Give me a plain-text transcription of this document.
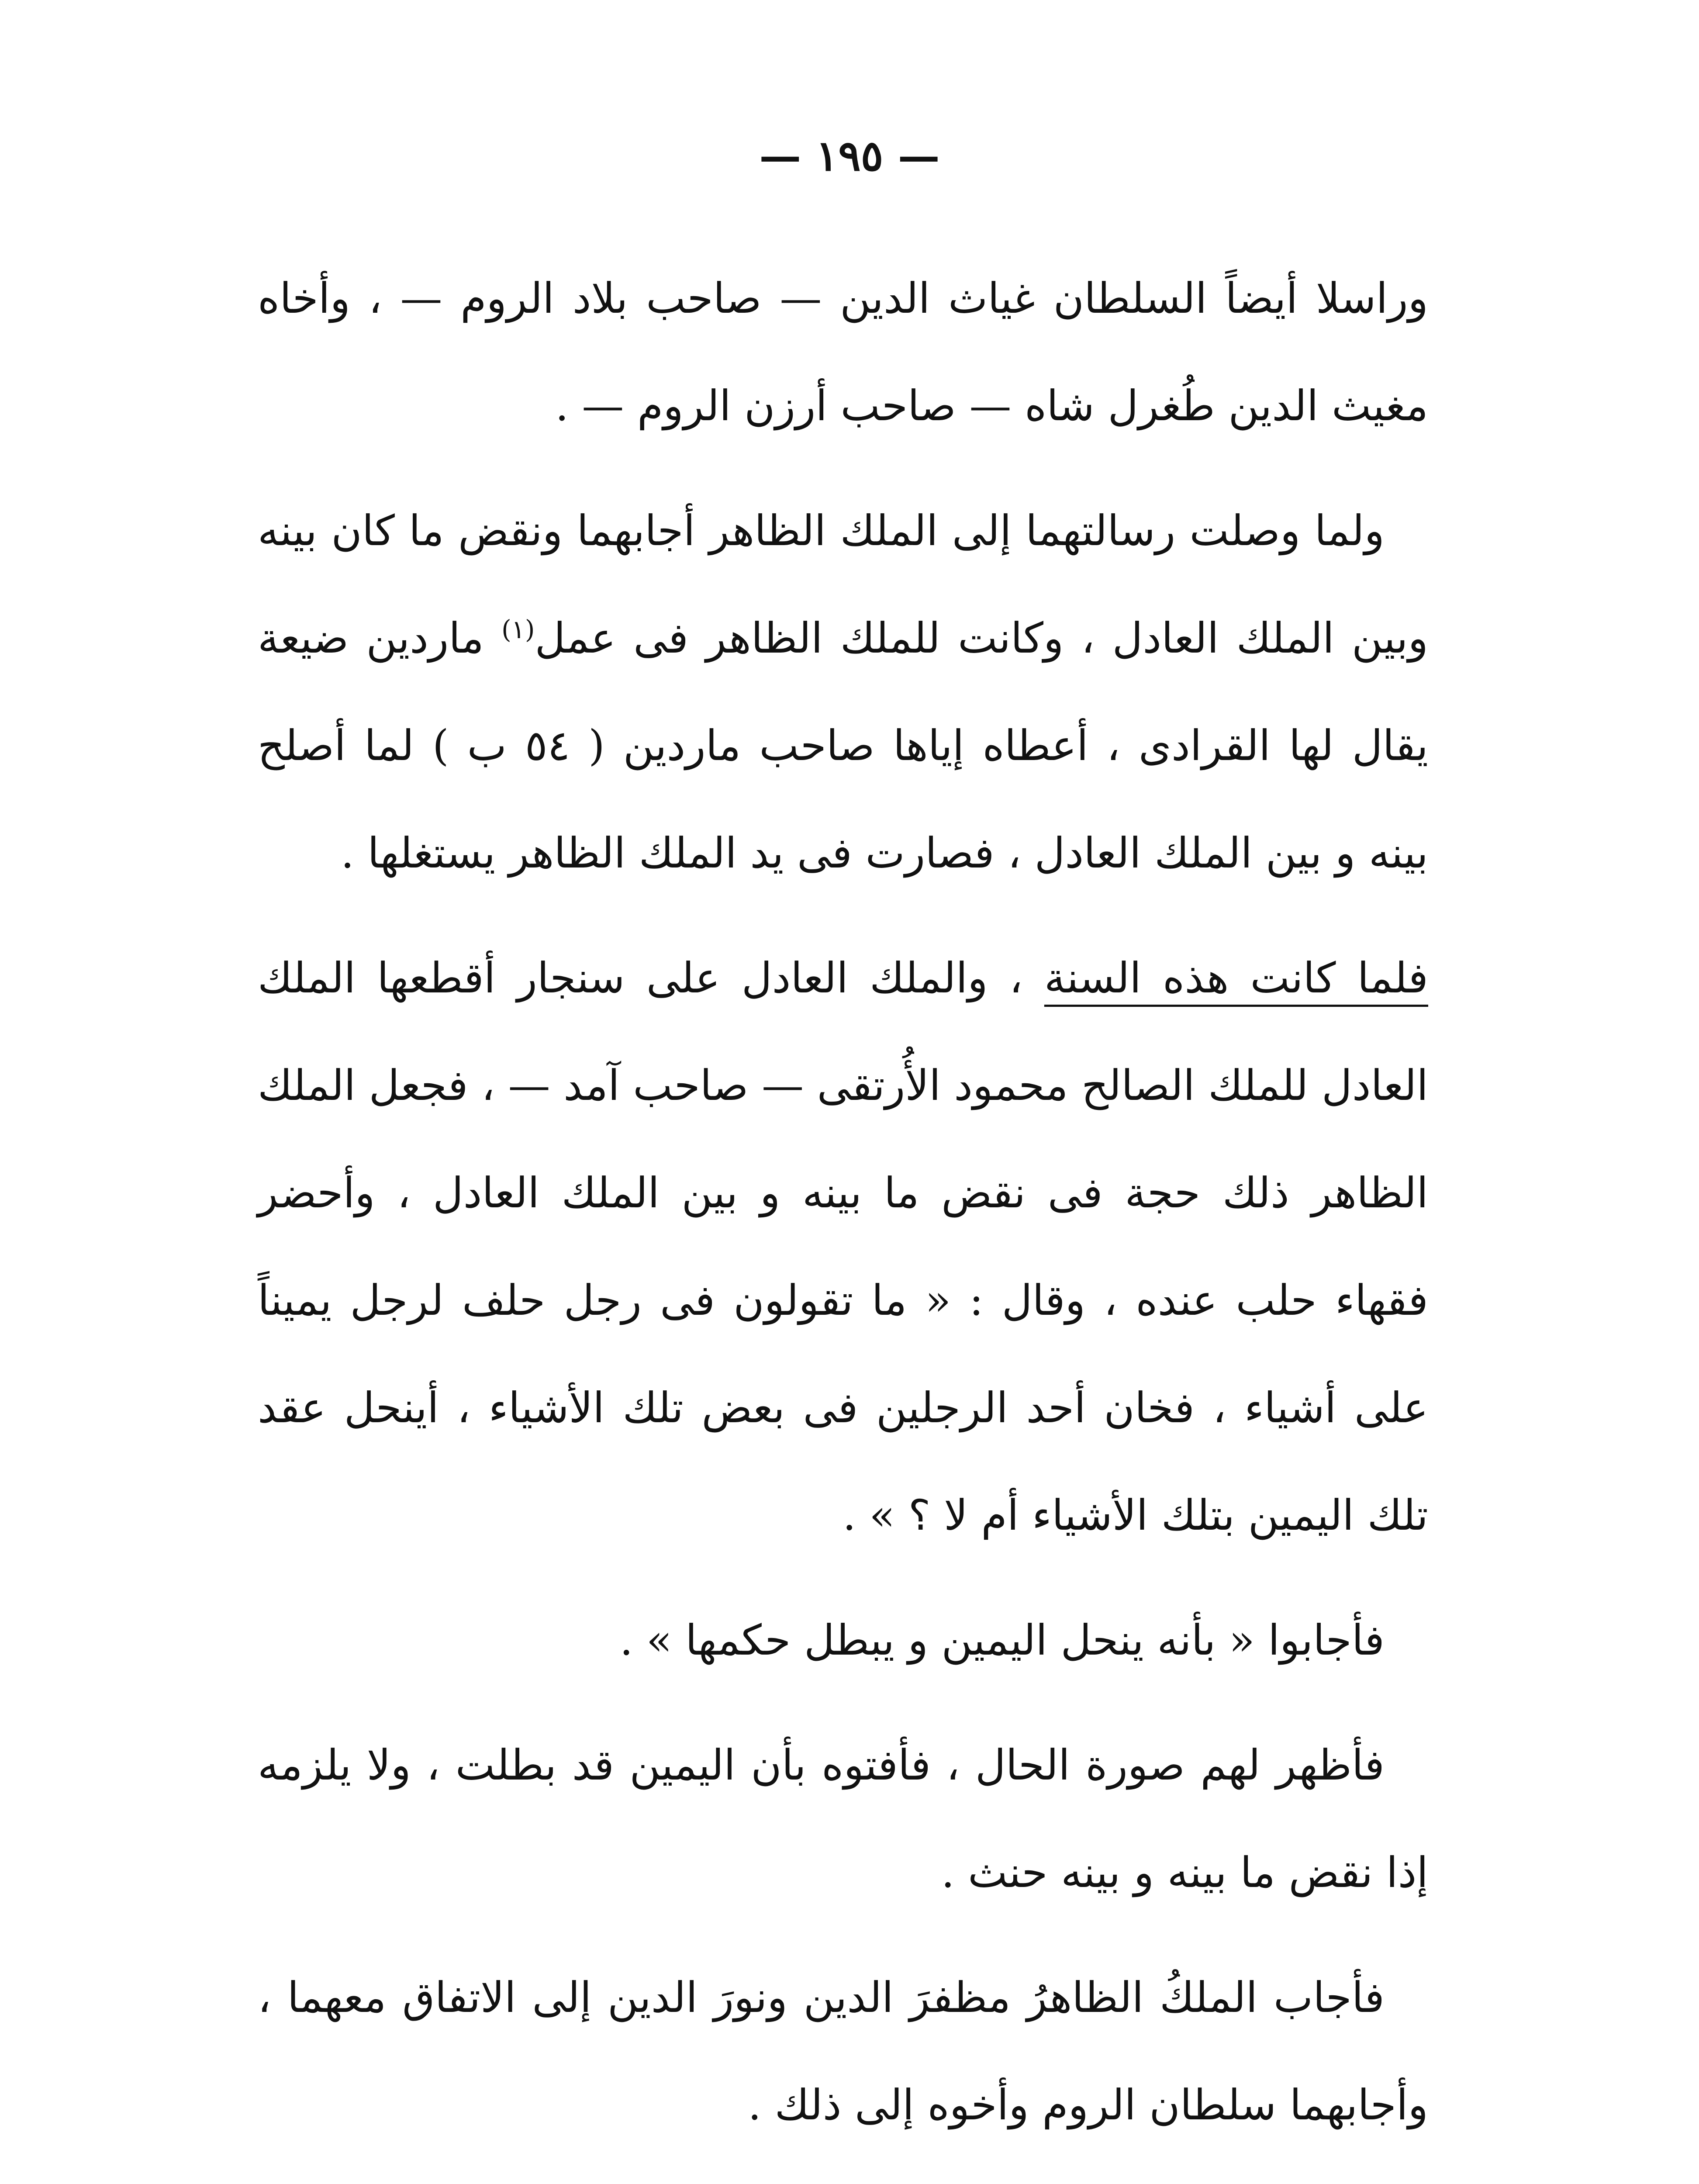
— ١٩٥ —

وراسلا أيضاً السلطان غياث الدين — صاحب بلاد الروم — ، وأخاه مغيث الدين طُغرل شاه — صاحب أرزن الروم — .

ولما وصلت رسالتهما إلى الملك الظاهر أجابهما ونقض ما كان بينه وبين الملك العادل ، وكانت للملك الظاهر فى عمل$^{(١)}$ ماردين ضيعة يقال لها القرادى ، أعطاه إياها صاحب ماردين ( ٥٤ ب ) لما أصلح بينه و بين الملك العادل ، فصارت فى يد الملك الظاهر يستغلها .

فلما كانت هذه السنة ، والملك العادل على سنجار أقطعها الملك العادل للملك الصالح محمود الأُرتقى — صاحب آمد — ، فجعل الملك الظاهر ذلك حجة فى نقض ما بينه و بين الملك العادل ، وأحضر فقهاء حلب عنده ، وقال : « ما تقولون فى رجل حلف لرجل يميناً على أشياء ، فخان أحد الرجلين فى بعض تلك الأشياء ، أينحل عقد تلك اليمين بتلك الأشياء أم لا ؟ » .

فأجابوا « بأنه ينحل اليمين و يبطل حكمها » .

فأظهر لهم صورة الحال ، فأفتوه بأن اليمين قد بطلت ، ولا يلزمه إذا نقض ما بينه و بينه حنث .

فأجاب الملكُ الظاهرُ مظفرَ الدين ونورَ الدين إلى الاتفاق معهما ، وأجابهما سلطان الروم وأخوه إلى ذلك .
